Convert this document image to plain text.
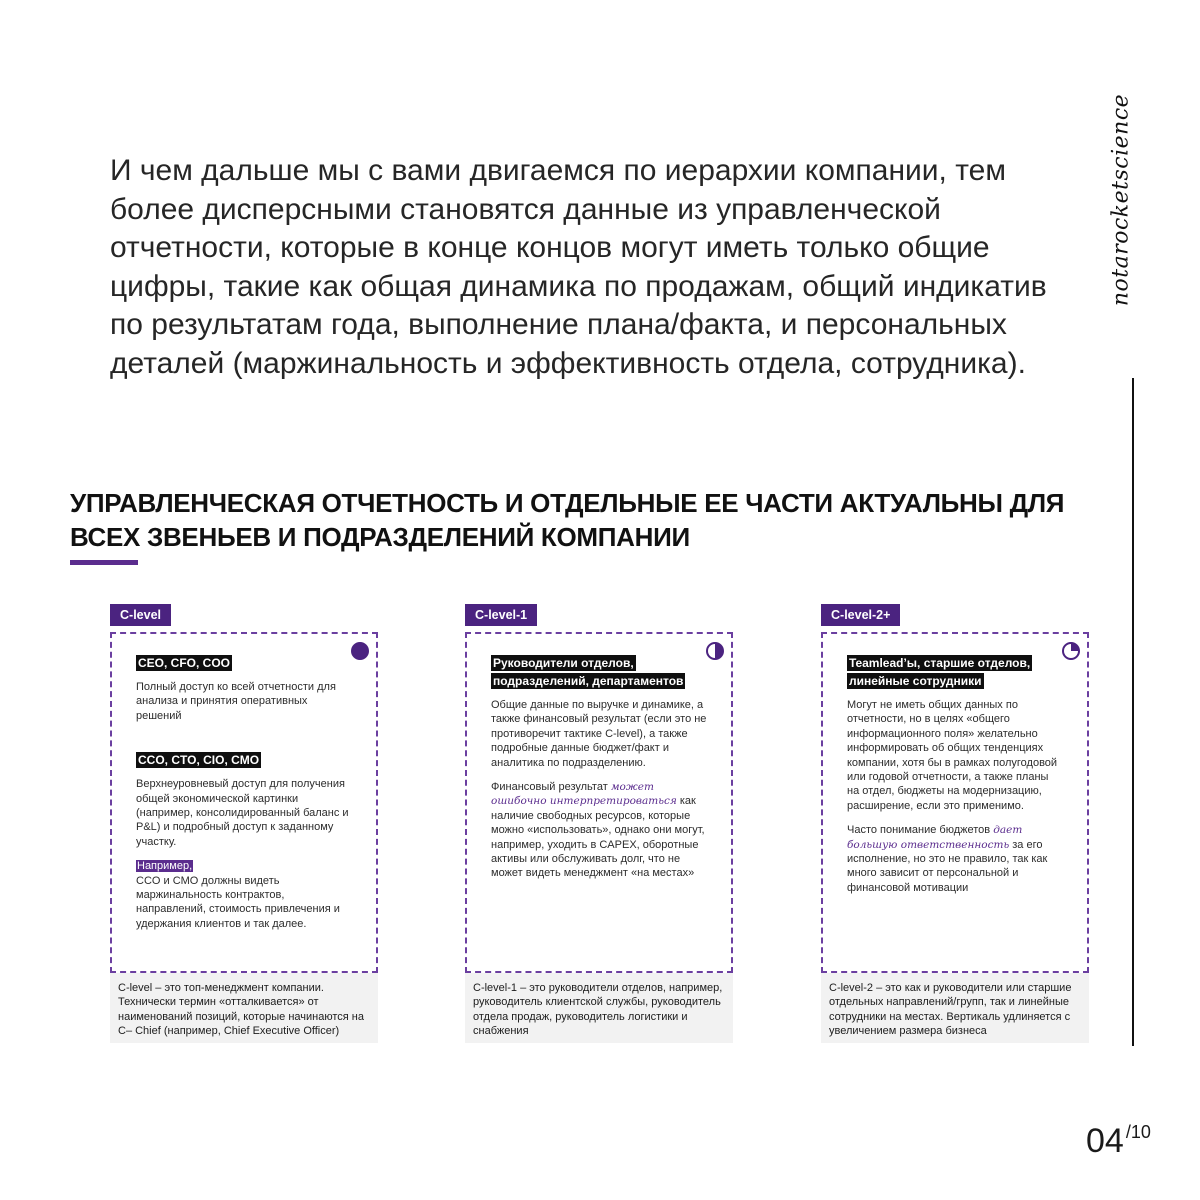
notarocketscience

И чем дальше мы с вами двигаемся по иерархии компании, тем более дисперсными становятся данные из управленческой отчетности, которые в конце концов могут иметь только общие цифры, такие как общая динамика по продажам, общий индикатив по результатам года, выполнение плана/факта, и персональных деталей (маржинальность и эффективность отдела, сотрудника).

УПРАВЛЕНЧЕСКАЯ ОТЧЕТНОСТЬ И ОТДЕЛЬНЫЕ ЕЕ ЧАСТИ АКТУАЛЬНЫ ДЛЯ ВСЕХ ЗВЕНЬЕВ И ПОДРАЗДЕЛЕНИЙ КОМПАНИИ
C-level
CEO, CFO, COO

Полный доступ ко всей отчетности для анализа и принятия оперативных решений

CCO, CTO, CIO, CMO

Верхнеуровневый доступ для получения общей экономической картинки (например, консолидированный баланс и P&L) и подробный доступ к заданному участку.

Например,
CCO и CMO должны видеть маржинальность контрактов, направлений, стоимость привлечения и удержания клиентов и так далее.

C-level – это топ-менеджмент компании. Технически термин «отталкивается» от наименований позиций, которые начинаются на C– Chief (например, Chief Executive Officer)
C-level-1
Руководители отделов, подразделений, департаментов

Общие данные по выручке и динамике, а также финансовый результат (если это не противоречит тактике C-level), а также подробные данные бюджет/факт и аналитика по подразделению.

Финансовый результат может ошибочно интерпретироваться как наличие свободных ресурсов, которые можно «использовать», однако они могут, например, уходить в CAPEX, оборотные активы или обслуживать долг, что не может видеть менеджмент «на местах»

C-level-1 – это руководители отделов, например, руководитель клиентской службы, руководитель отдела продаж, руководитель логистики и снабжения
C-level-2+
Teamlead’ы, старшие отделов, линейные сотрудники

Могут не иметь общих данных по отчетности, но в целях «общего информационного поля» желательно информировать об общих тенденциях компании, хотя бы в рамках полугодовой или годовой отчетности, а также планы на отдел, бюджеты на модернизацию, расширение, если это применимо.

Часто понимание бюджетов дает большую ответственность за его исполнение, но это не правило, так как много зависит от персональной и финансовой мотивации

C-level-2 – это как и руководители или старшие отдельных направлений/групп, так и линейные сотрудники на местах. Вертикаль удлиняется с увеличением размера бизнеса
04 /10
